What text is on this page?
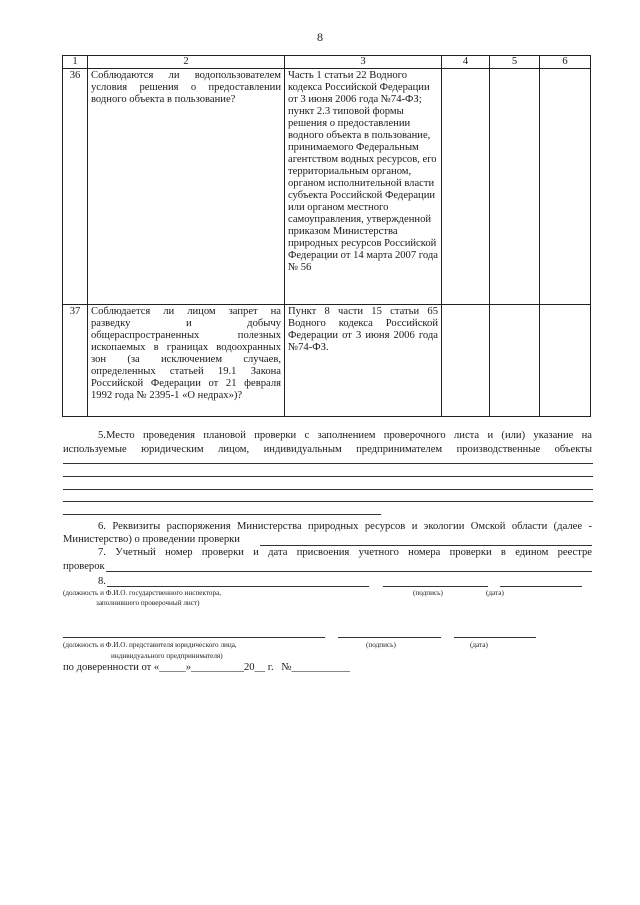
8
1	2	3	4	5	6
36	Соблюдаются ли водопользователем условия решения о предоставлении водного объекта в пользование?	Часть 1 статьи 22 Водного кодекса Российской Федерации от 3 июня 2006 года №74-ФЗ; пункт 2.3 типовой формы решения о предоставлении водного объекта в пользование, принимаемого Федеральным агентством водных ресурсов, его территориальным органом, органом исполнительной власти субъекта Российской Федерации или органом местного самоуправления, утвержденной приказом Министерства природных ресурсов Российской Федерации от 14 марта 2007 года № 56			
37	Соблюдается ли лицом запрет на разведку и добычу общераспространенных полезных ископаемых в границах водоохранных зон (за исключением случаев, определенных статьей 19.1 Закона Российской Федерации от 21 февраля 1992 года № 2395-1 «О недрах»)?	Пункт 8 части 15 статьи 65 Водного кодекса Российской Федерации от 3 июня 2006 года №74-ФЗ.			
5.Место проведения плановой проверки с заполнением проверочного листа и (или) указание на
используемые юридическим лицом, индивидуальным предпринимателем производственные объекты
6. Реквизиты распоряжения Министерства природных ресурсов и экологии Омской области (далее -
Министерство) о проведении проверки
7. Учетный номер проверки и дата присвоения учетного номера проверки в едином реестре
проверок
8.
(должность и Ф.И.О. государственного инспектора,
заполнившего проверочный лист)
(подпись)	(дата)
(должность и Ф.И.О. представителя юридического лица,
индивидуального предпринимателя)
(подпись)	(дата)
по доверенности от «_____»__________20__ г.   №___________
